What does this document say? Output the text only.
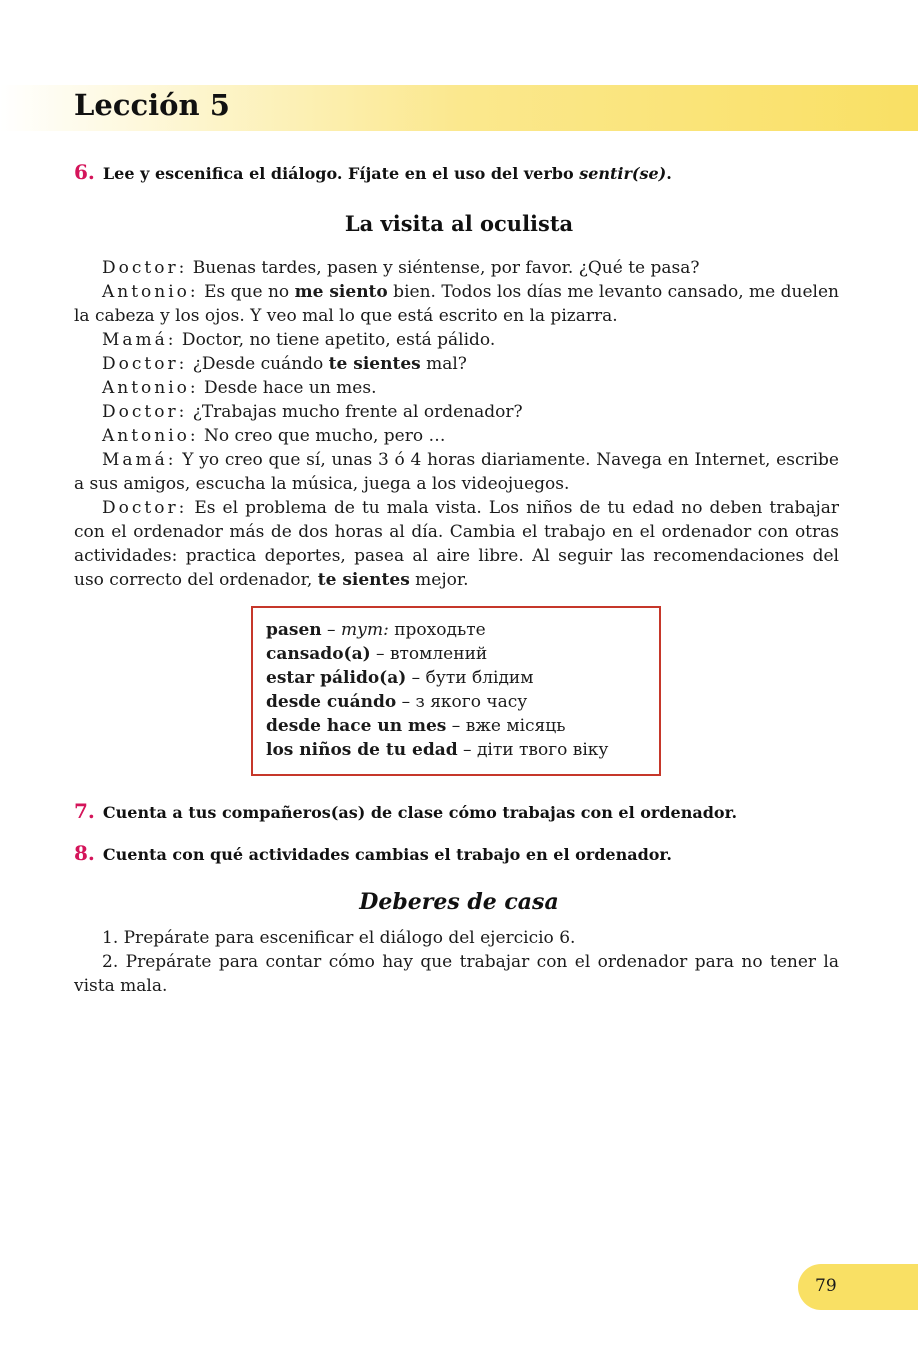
Lección 5
6. Lee y escenifica el diálogo. Fíjate en el uso del verbo sentir(se).
La visita al oculista

Doctor: Buenas tardes, pasen y siéntense, por favor. ¿Qué te pasa?

Antonio: Es que no me siento bien. Todos los días me levanto cansado, me duelen la cabeza y los ojos. Y veo mal lo que está escrito en la pizarra.

Mamá: Doctor, no tiene apetito, está pálido.

Doctor: ¿Desde cuándo te sientes mal?

Antonio: Desde hace un mes.

Doctor: ¿Trabajas mucho frente al ordenador?

Antonio: No creo que mucho, pero …

Mamá: Y yo creo que sí, unas 3 ó 4 horas diariamente. Navega en Internet, escribe a sus amigos, escucha la música, juega a los videojuegos.

Doctor: Es el problema de tu mala vista. Los niños de tu edad no deben trabajar con el ordenador más de dos horas al día. Cambia el trabajo en el ordenador con otras actividades: practica deportes, pasea al aire libre. Al seguir las recomendaciones del uso correcto del ordenador, te sientes mejor.

pasen – тут: проходьте
cansado(a) – втомлений
estar pálido(a) – бути блідим
desde cuándo – з якого часу
desde hace un mes – вже місяць
los niños de tu edad – діти твого віку
7. Cuenta a tus compañeros(as) de clase cómo trabajas con el ordenador.
8. Cuenta con qué actividades cambias el trabajo en el ordenador.
Deberes de casa

1. Prepárate para escenificar el diálogo del ejercicio 6.

2. Prepárate para contar cómo hay que trabajar con el ordenador para no tener la vista mala.

79
